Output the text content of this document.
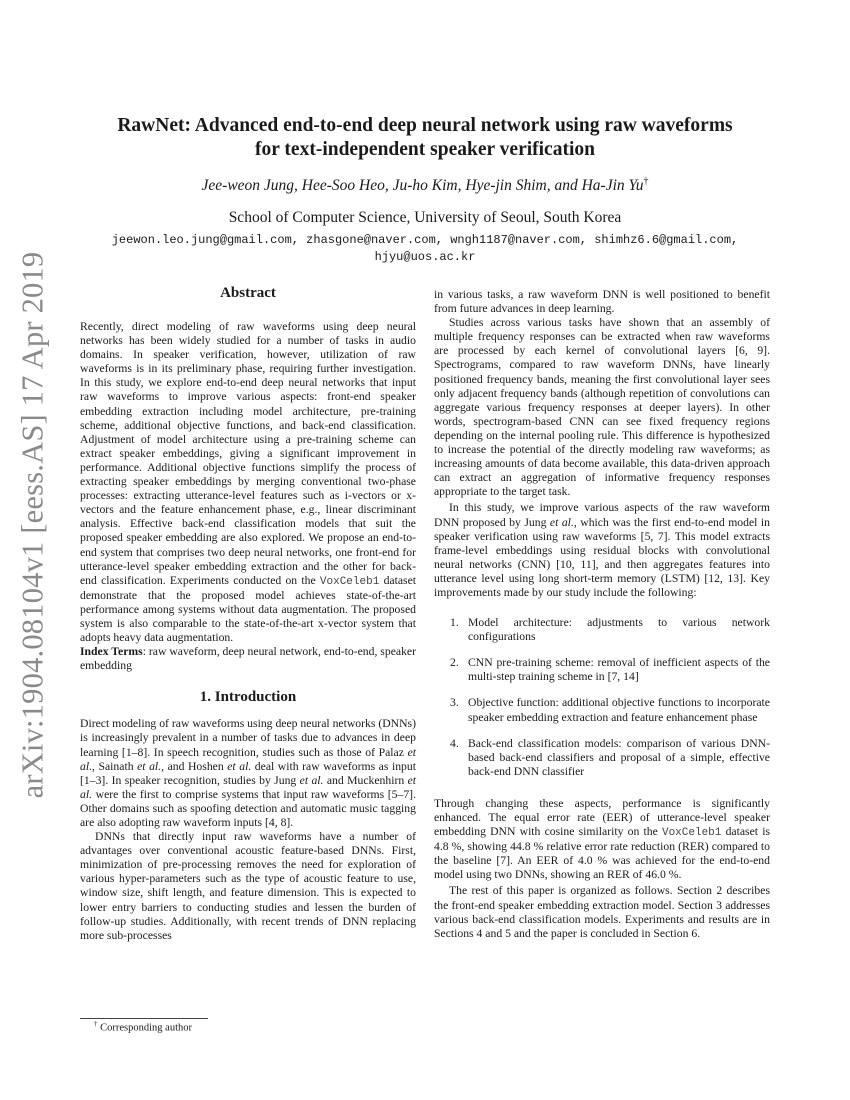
arXiv:1904.08104v1 [eess.AS] 17 Apr 2019
RawNet: Advanced end-to-end deep neural network using raw waveforms
for text-independent speaker verification
Jee-weon Jung, Hee-Soo Heo, Ju-ho Kim, Hye-jin Shim, and Ha-Jin Yu†
School of Computer Science, University of Seoul, South Korea
jeewon.leo.jung@gmail.com, zhasgone@naver.com, wngh1187@naver.com, shimhz6.6@gmail.com,
hjyu@uos.ac.kr

Abstract

Recently, direct modeling of raw waveforms using deep neural networks has been widely studied for a number of tasks in audio domains. In speaker verification, however, utilization of raw waveforms is in its preliminary phase, requiring further investigation. In this study, we explore end-to-end deep neural networks that input raw waveforms to improve various aspects: front-end speaker embedding extraction including model architecture, pre-training scheme, additional objective functions, and back-end classification. Adjustment of model architecture using a pre-training scheme can extract speaker embeddings, giving a significant improvement in performance. Additional objective functions simplify the process of extracting speaker embeddings by merging conventional two-phase processes: extracting utterance-level features such as i-vectors or x-vectors and the feature enhancement phase, e.g., linear discriminant analysis. Effective back-end classification models that suit the proposed speaker embedding are also explored. We propose an end-to-end system that comprises two deep neural networks, one front-end for utterance-level speaker embedding extraction and the other for back-end classification. Experiments conducted on the VoxCeleb1 dataset demonstrate that the proposed model achieves state-of-the-art performance among systems without data augmentation. The proposed system is also comparable to the state-of-the-art x-vector system that adopts heavy data augmentation.

Index Terms: raw waveform, deep neural network, end-to-end, speaker embedding

1. Introduction

Direct modeling of raw waveforms using deep neural networks (DNNs) is increasingly prevalent in a number of tasks due to advances in deep learning [1–8]. In speech recognition, studies such as those of Palaz et al., Sainath et al., and Hoshen et al. deal with raw waveforms as input [1–3]. In speaker recognition, studies by Jung et al. and Muckenhirn et al. were the first to comprise systems that input raw waveforms [5–7]. Other domains such as spoofing detection and automatic music tagging are also adopting raw waveform inputs [4, 8].

DNNs that directly input raw waveforms have a number of advantages over conventional acoustic feature-based DNNs. First, minimization of pre-processing removes the need for exploration of various hyper-parameters such as the type of acoustic feature to use, window size, shift length, and feature dimension. This is expected to lower entry barriers to conducting studies and lessen the burden of follow-up studies. Additionally, with recent trends of DNN replacing more sub-processes

in various tasks, a raw waveform DNN is well positioned to benefit from future advances in deep learning.

Studies across various tasks have shown that an assembly of multiple frequency responses can be extracted when raw waveforms are processed by each kernel of convolutional layers [6, 9]. Spectrograms, compared to raw waveform DNNs, have linearly positioned frequency bands, meaning the first convolutional layer sees only adjacent frequency bands (although repetition of convolutions can aggregate various frequency responses at deeper layers). In other words, spectrogram-based CNN can see fixed frequency regions depending on the internal pooling rule. This difference is hypothesized to increase the potential of the directly modeling raw waveforms; as increasing amounts of data become available, this data-driven approach can extract an aggregation of informative frequency responses appropriate to the target task.

In this study, we improve various aspects of the raw waveform DNN proposed by Jung et al., which was the first end-to-end model in speaker verification using raw waveforms [5, 7]. This model extracts frame-level embeddings using residual blocks with convolutional neural networks (CNN) [10, 11], and then aggregates features into utterance level using long short-term memory (LSTM) [12, 13]. Key improvements made by our study include the following:

1. Model architecture: adjustments to various network configurations
2. CNN pre-training scheme: removal of inefficient aspects of the multi-step training scheme in [7, 14]
3. Objective function: additional objective functions to incorporate speaker embedding extraction and feature enhancement phase
4. Back-end classification models: comparison of various DNN-based back-end classifiers and proposal of a simple, effective back-end DNN classifier

Through changing these aspects, performance is significantly enhanced. The equal error rate (EER) of utterance-level speaker embedding DNN with cosine similarity on the VoxCeleb1 dataset is 4.8 %, showing 44.8 % relative error rate reduction (RER) compared to the baseline [7]. An EER of 4.0 % was achieved for the end-to-end model using two DNNs, showing an RER of 46.0 %.

The rest of this paper is organized as follows. Section 2 describes the front-end speaker embedding extraction model. Section 3 addresses various back-end classification models. Experiments and results are in Sections 4 and 5 and the paper is concluded in Section 6.

† Corresponding author
